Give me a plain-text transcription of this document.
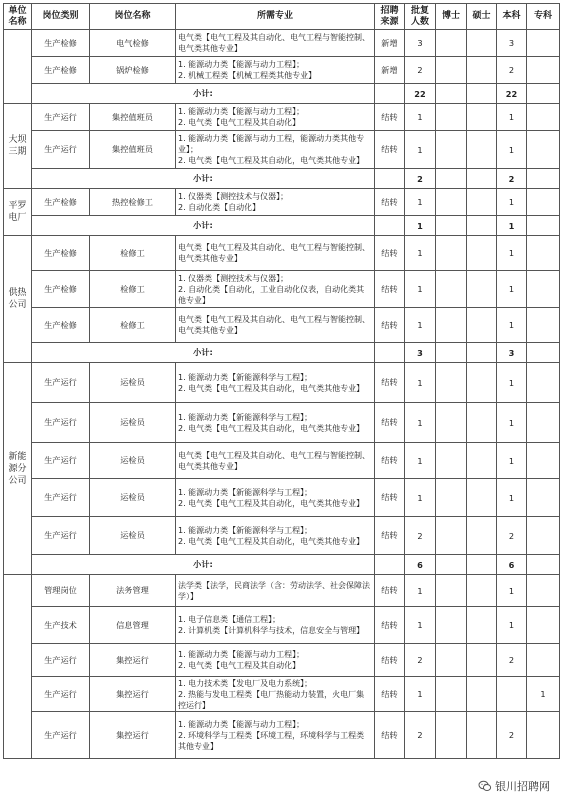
单位名称	岗位类别	岗位名称	所需专业	招聘来源	批复人数	博士	硕士	本科	专科
	生产检修	电气检修	电气类【电气工程及其自动化、电气工程与智能控制、电气类其他专业】	新增	3			3	
	生产检修	锅炉检修	1. 能源动力类【能源与动力工程】；
2. 机械工程类【机械工程类其他专业】	新增	2			2	
	小计:				22			22	
大坝
三期	生产运行	集控值班员	1. 能源动力类【能源与动力工程】；
2. 电气类【电气工程及其自动化】	结转	1			1	
	生产运行	集控值班员	1. 能源动力类【能源与动力工程，能源动力类其他专业】；
2. 电气类【电气工程及其自动化，电气类其他专业】	结转	1			1	
	小计:				2			2	
平罗
电厂	生产检修	热控检修工	1. 仪器类【测控技术与仪器】；
2. 自动化类【自动化】	结转	1			1	
	小计:				1			1	
供热
公司	生产检修	检修工	电气类【电气工程及其自动化、电气工程与智能控制、电气类其他专业】	结转	1			1	
	生产检修	检修工	1. 仪器类【测控技术与仪器】；
2. 自动化类【自动化，工业自动化仪表，自动化类其他专业】	结转	1			1	
	生产检修	检修工	电气类【电气工程及其自动化、电气工程与智能控制、电气类其他专业】	结转	1			1	
	小计:				3			3	
新能
源分
公司	生产运行	运检员	1. 能源动力类【新能源科学与工程】；
2. 电气类【电气工程及其自动化，电气类其他专业】	结转	1			1	
	生产运行	运检员	1. 能源动力类【新能源科学与工程】；
2. 电气类【电气工程及其自动化，电气类其他专业】	结转	1			1	
	生产运行	运检员	电气类【电气工程及其自动化、电气工程与智能控制、电气类其他专业】	结转	1			1	
	生产运行	运检员	1. 能源动力类【新能源科学与工程】；
2. 电气类【电气工程及其自动化，电气类其他专业】	结转	1			1	
	生产运行	运检员	1. 能源动力类【新能源科学与工程】；
2. 电气类【电气工程及其自动化，电气类其他专业】	结转	2			2	
	小计:				6			6	
	管理岗位	法务管理	法学类【法学，民商法学（含：劳动法学、社会保障法学）】	结转	1			1	
	生产技术	信息管理	1. 电子信息类【通信工程】；
2. 计算机类【计算机科学与技术，信息安全与管理】	结转	1			1	
	生产运行	集控运行	1. 能源动力类【能源与动力工程】；
2. 电气类【电气工程及其自动化】	结转	2			2	
	生产运行	集控运行	1. 电力技术类【发电厂及电力系统】；
2. 热能与发电工程类【电厂热能动力装置，火电厂集控运行】	结转	1				1
	生产运行	集控运行	1. 能源动力类【能源与动力工程】；
2. 环境科学与工程类【环境工程，环境科学与工程类其他专业】	结转	2			2	
银川招聘网
